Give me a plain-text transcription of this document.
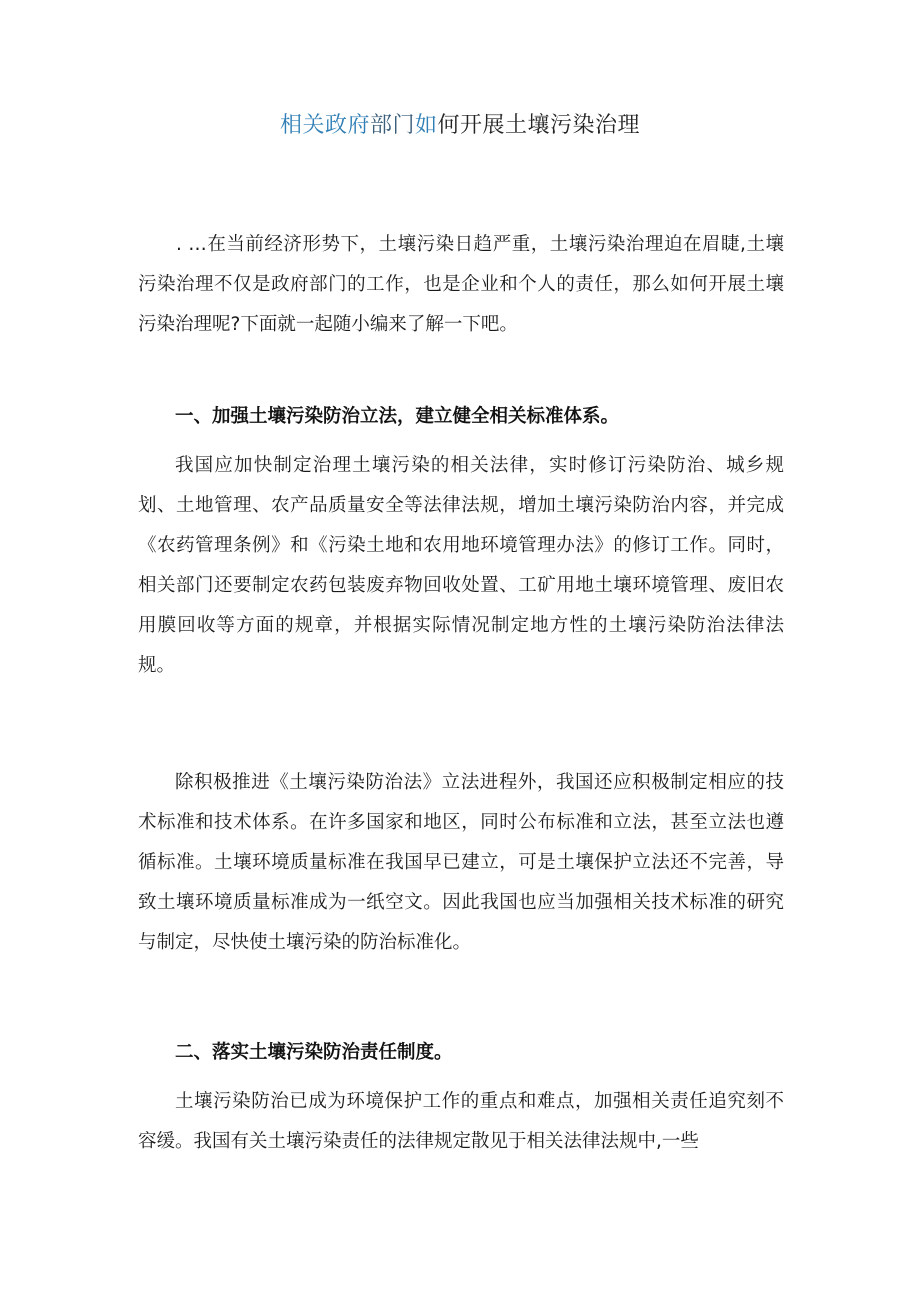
相关政府部门如何开展土壤污染治理

. …在当前经济形势下，土壤污染日趋严重，土壤污染治理迫在眉睫,土壤污染治理不仅是政府部门的工作，也是企业和个人的责任，那么如何开展土壤污染治理呢?下面就一起随小编来了解一下吧。

一、加强土壤污染防治立法，建立健全相关标准体系。

我国应加快制定治理土壤污染的相关法律，实时修订污染防治、城乡规划、土地管理、农产品质量安全等法律法规，增加土壤污染防治内容，并完成《农药管理条例》和《污染土地和农用地环境管理办法》的修订工作。同时，相关部门还要制定农药包装废弃物回收处置、工矿用地土壤环境管理、废旧农用膜回收等方面的规章，并根据实际情况制定地方性的土壤污染防治法律法规。

除积极推进《土壤污染防治法》立法进程外，我国还应积极制定相应的技术标准和技术体系。在许多国家和地区，同时公布标准和立法，甚至立法也遵循标准。土壤环境质量标准在我国早已建立，可是土壤保护立法还不完善，导致土壤环境质量标准成为一纸空文。因此我国也应当加强相关技术标准的研究与制定，尽快使土壤污染的防治标准化。

二、落实土壤污染防治责任制度。

土壤污染防治已成为环境保护工作的重点和难点，加强相关责任追究刻不容缓。我国有关土壤污染责任的法律规定散见于相关法律法规中,一些
